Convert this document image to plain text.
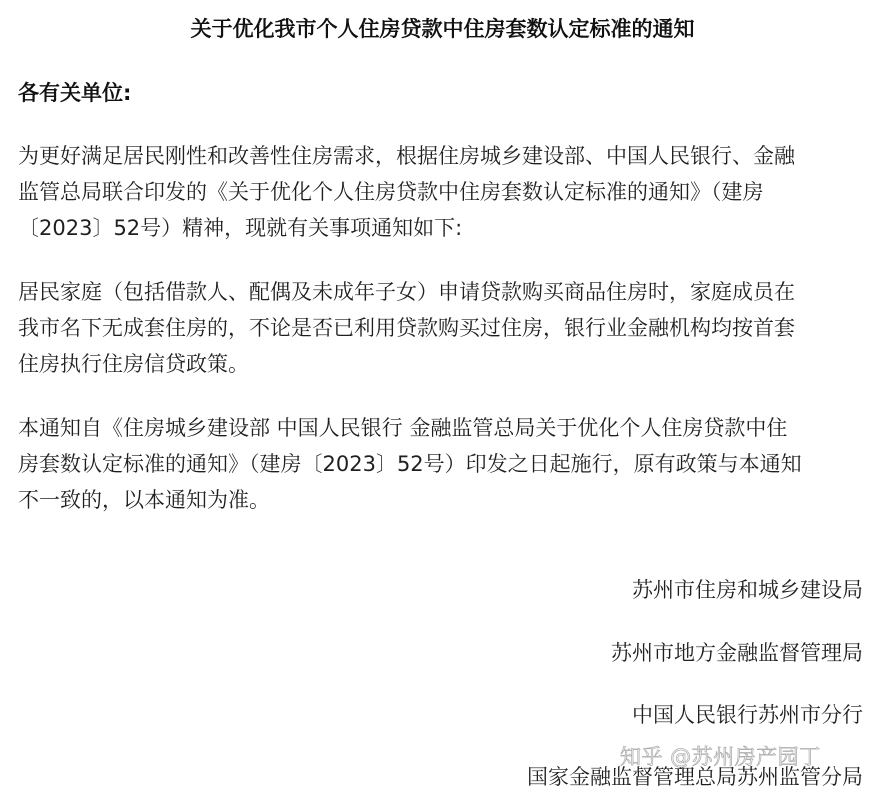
关于优化我市个人住房贷款中住房套数认定标准的通知
各有关单位:
为更好满足居民刚性和改善性住房需求，根据住房城乡建设部、中国人民银行、金融
监管总局联合印发的《关于优化个人住房贷款中住房套数认定标准的通知》（建房
〔2023〕52号）精神，现就有关事项通知如下:
居民家庭（包括借款人、配偶及未成年子女）申请贷款购买商品住房时，家庭成员在
我市名下无成套住房的，不论是否已利用贷款购买过住房，银行业金融机构均按首套
住房执行住房信贷政策。
本通知自《住房城乡建设部 中国人民银行 金融监管总局关于优化个人住房贷款中住
房套数认定标准的通知》（建房〔2023〕52号）印发之日起施行，原有政策与本通知
不一致的，以本通知为准。
苏州市住房和城乡建设局
苏州市地方金融监督管理局
中国人民银行苏州市分行
知乎 @苏州房产园丁
国家金融监督管理总局苏州监管分局
